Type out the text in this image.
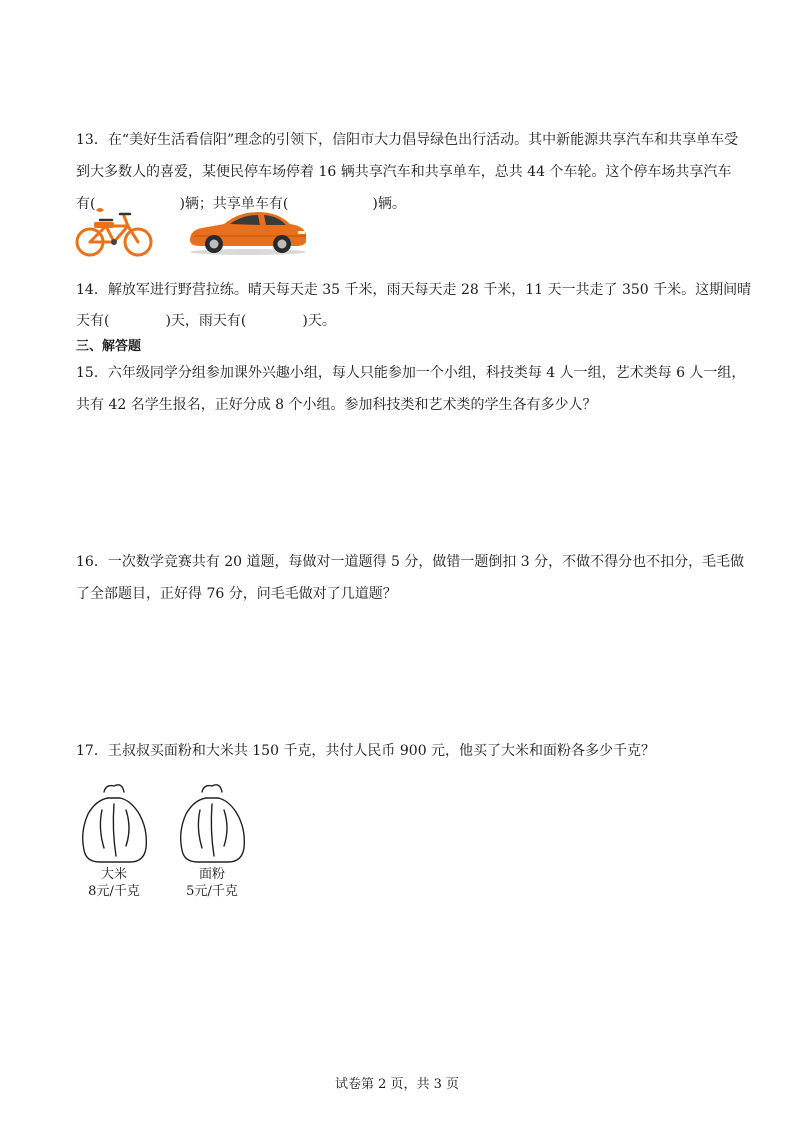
13．在“美好生活看信阳”理念的引领下，信阳市大力倡导绿色出行活动。其中新能源共享汽车和共享单车受
到大多数人的喜爱，某便民停车场停着 16 辆共享汽车和共享单车，总共 44 个车轮。这个停车场共享汽车
有(	)辆；共享单车有(	)辆。
14．解放军进行野营拉练。晴天每天走 35 千米，雨天每天走 28 千米，11 天一共走了 350 千米。这期间晴
天有(	)天，雨天有(	)天。
三、解答题
15．六年级同学分组参加课外兴趣小组，每人只能参加一个小组，科技类每 4 人一组，艺术类每 6 人一组，
共有 42 名学生报名，正好分成 8 个小组。参加科技类和艺术类的学生各有多少人？
16．一次数学竞赛共有 20 道题，每做对一道题得 5 分，做错一题倒扣 3 分，不做不得分也不扣分，毛毛做
了全部题目，正好得 76 分，问毛毛做对了几道题？
17．王叔叔买面粉和大米共 150 千克，共付人民币 900 元，他买了大米和面粉各多少千克？
大米
8元/千克
面粉
5元/千克
试卷第 2 页，共 3 页
